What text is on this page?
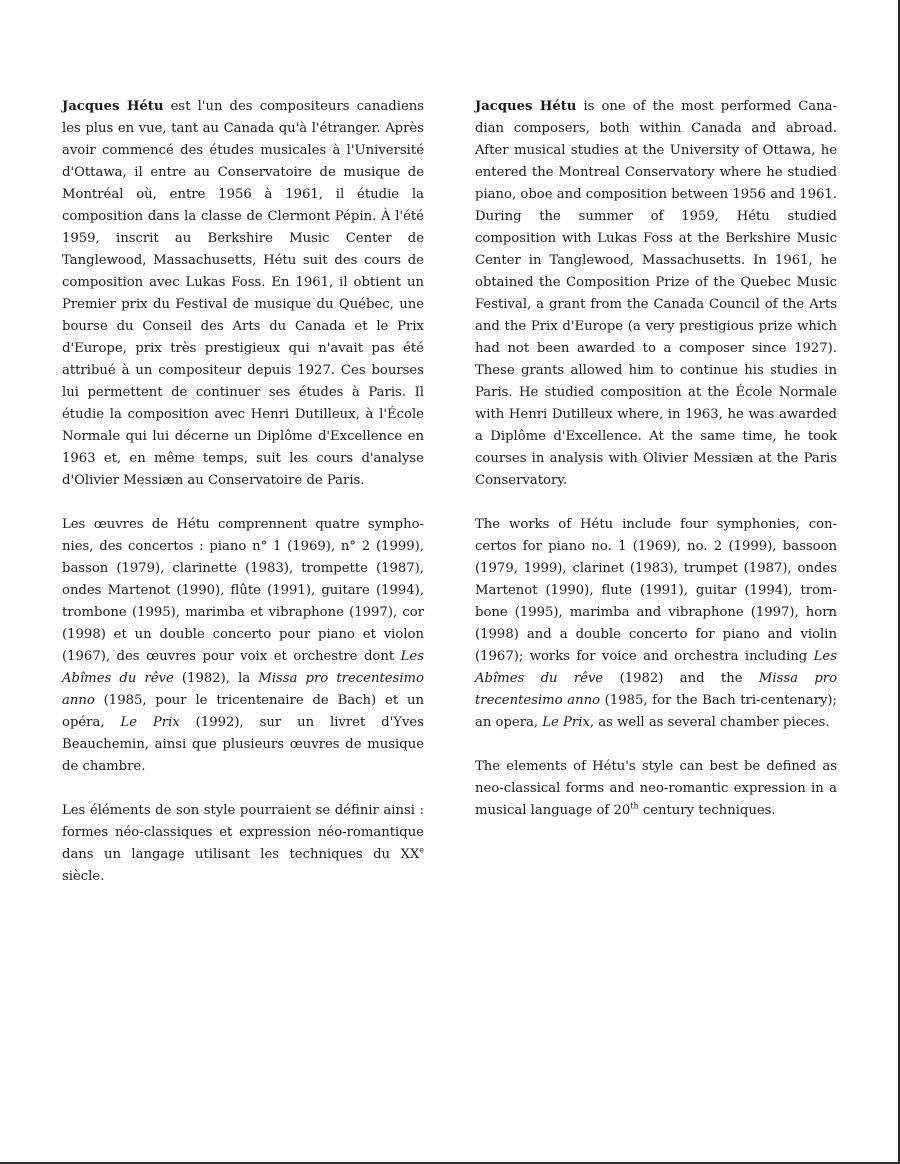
Jacques Hétu est l'un des compositeurs canadiens les plus en vue, tant au Canada qu'à l'étranger. Après avoir commencé des études musicales à l'Université d'Ottawa, il entre au Conservatoire de musique de Montréal où, entre 1956 à 1961, il étudie la composition dans la classe de Clermont Pépin. À l'été 1959, inscrit au Berkshire Music Center de Tanglewood, Massachusetts, Hétu suit des cours de composition avec Lukas Foss. En 1961, il obtient un Premier prix du Festival de musique du Québec, une bourse du Conseil des Arts du Canada et le Prix d'Europe, prix très prestigieux qui n'avait pas été attribué à un compositeur depuis 1927. Ces bourses lui permettent de continuer ses études à Paris. Il étudie la composition avec Henri Dutilleux, à l'École Normale qui lui décerne un Diplôme d'Excellence en 1963 et, en même temps, suit les cours d'analyse d'Olivier Messiæn au Conservatoire de Paris.

Les œuvres de Hétu comprennent quatre symphonies, des concertos : piano n° 1 (1969), n° 2 (1999), basson (1979), clarinette (1983), trompette (1987), ondes Martenot (1990), flûte (1991), guitare (1994), trombone (1995), marimba et vibraphone (1997), cor (1998) et un double concerto pour piano et violon (1967), des œuvres pour voix et orchestre dont Les Abîmes du rêve (1982), la Missa pro trecentesimo anno (1985, pour le tricentenaire de Bach) et un opéra, Le Prix (1992), sur un livret d'Yves Beauchemin, ainsi que plusieurs œuvres de musique de chambre.

Les éléments de son style pourraient se définir ainsi : formes néo-classiques et expression néo-romantique dans un langage utilisant les techniques du XXe siècle.

Jacques Hétu is one of the most performed Canadian composers, both within Canada and abroad. After musical studies at the University of Ottawa, he entered the Montreal Conservatory where he studied piano, oboe and composition between 1956 and 1961. During the summer of 1959, Hétu studied composition with Lukas Foss at the Berkshire Music Center in Tanglewood, Massachusetts. In 1961, he obtained the Composition Prize of the Quebec Music Festival, a grant from the Canada Council of the Arts and the Prix d'Europe (a very prestigious prize which had not been awarded to a composer since 1927). These grants allowed him to continue his studies in Paris. He studied composition at the École Normale with Henri Dutilleux where, in 1963, he was awarded a Diplôme d'Excellence. At the same time, he took courses in analysis with Olivier Messiæn at the Paris Conservatory.

The works of Hétu include four symphonies, concertos for piano no. 1 (1969), no. 2 (1999), bassoon (1979, 1999), clarinet (1983), trumpet (1987), ondes Martenot (1990), flute (1991), guitar (1994), trombone (1995), marimba and vibraphone (1997), horn (1998) and a double concerto for piano and violin (1967); works for voice and orchestra including Les Abîmes du rêve (1982) and the Missa pro trecentesimo anno (1985, for the Bach tri-centenary); an opera, Le Prix, as well as several chamber pieces.

The elements of Hétu's style can best be defined as neo-classical forms and neo-romantic expression in a musical language of 20th century techniques.
